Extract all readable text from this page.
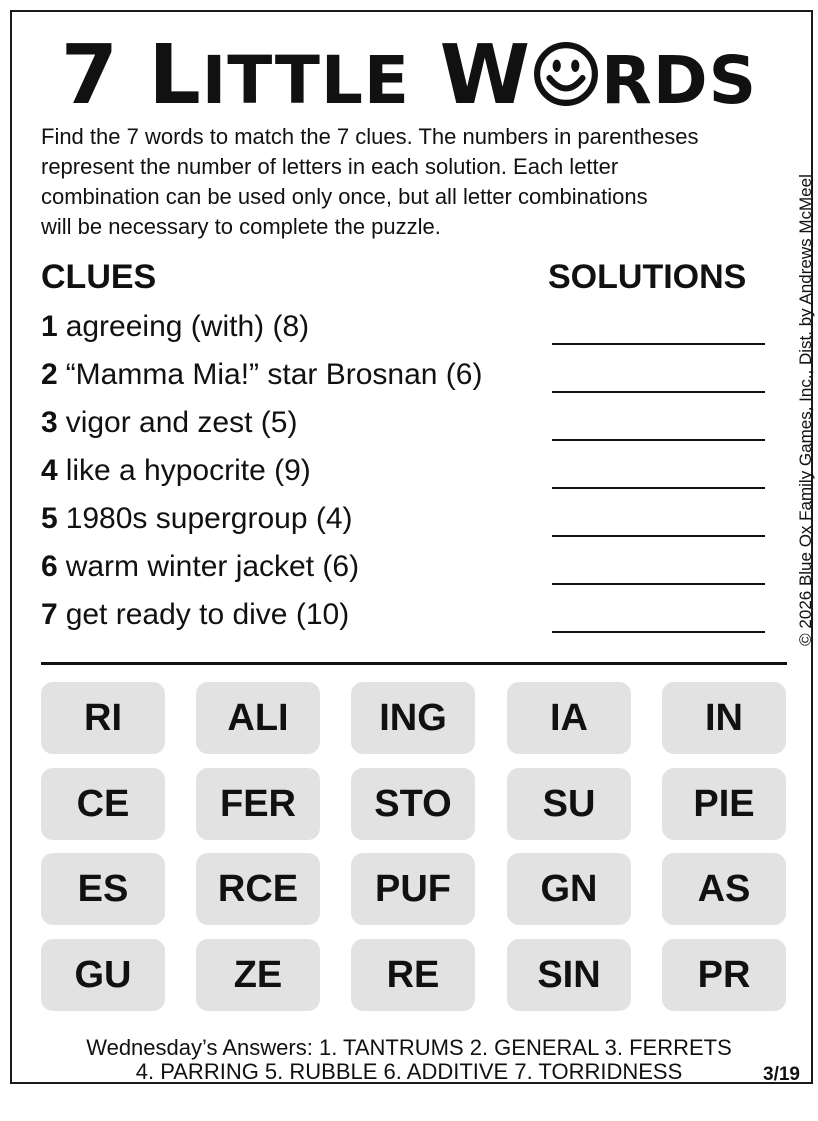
7 LITTLE W RDS
Find the 7 words to match the 7 clues. The numbers in parentheses
represent the number of letters in each solution. Each letter
combination can be used only once, but all letter combinations
will be necessary to complete the puzzle.
CLUES	SOLUTIONS
1 agreeing (with) (8)
2 “Mamma Mia!” star Brosnan (6)
3 vigor and zest (5)
4 like a hypocrite (9)
5 1980s supergroup (4)
6 warm winter jacket (6)
7 get ready to dive (10)	© 2026 Blue Ox Family Games, Inc., Dist. by Andrews McMeel
RI	ALI	ING	IA	IN
CE	FER	STO	SU	PIE
ES	RCE	PUF	GN	AS
GU	ZE	RE	SIN	PR
Wednesday’s Answers: 1. TANTRUMS 2. GENERAL 3. FERRETS
4. PARRING 5. RUBBLE 6. ADDITIVE 7. TORRIDNESS	3/19
